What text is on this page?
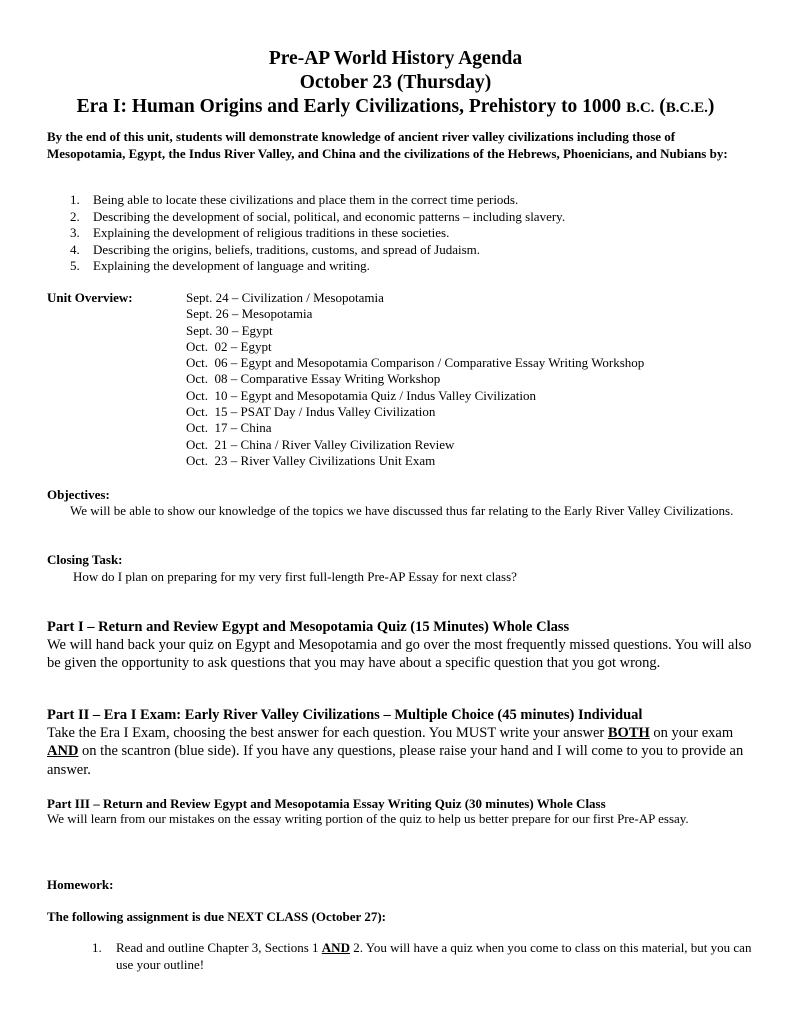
Pre-AP World History Agenda
October 23 (Thursday)
Era I: Human Origins and Early Civilizations, Prehistory to 1000 B.C. (B.C.E.)
By the end of this unit, students will demonstrate knowledge of ancient river valley civilizations including those of Mesopotamia, Egypt, the Indus River Valley, and China and the civilizations of the Hebrews, Phoenicians, and Nubians by:
1.	Being able to locate these civilizations and place them in the correct time periods.
2.	Describing the development of social, political, and economic patterns – including slavery.
3.	Explaining the development of religious traditions in these societies.
4.	Describing the origins, beliefs, traditions, customs, and spread of Judaism.
5.	Explaining the development of language and writing.
Unit Overview:	Sept. 24 – Civilization / Mesopotamia
Sept. 26 – Mesopotamia
Sept. 30 – Egypt
Oct.  02 – Egypt
Oct.  06 – Egypt and Mesopotamia Comparison / Comparative Essay Writing Workshop
Oct.  08 – Comparative Essay Writing Workshop
Oct.  10 – Egypt and Mesopotamia Quiz / Indus Valley Civilization
Oct.  15 – PSAT Day / Indus Valley Civilization
Oct.  17 – China
Oct.  21 – China / River Valley Civilization Review
Oct.  23 – River Valley Civilizations Unit Exam
Objectives:
We will be able to show our knowledge of the topics we have discussed thus far relating to the Early River Valley Civilizations.
Closing Task:
How do I plan on preparing for my very first full-length Pre-AP Essay for next class?
Part I – Return and Review Egypt and Mesopotamia Quiz (15 Minutes) Whole Class
We will hand back your quiz on Egypt and Mesopotamia and go over the most frequently missed questions. You will also be given the opportunity to ask questions that you may have about a specific question that you got wrong.
Part II – Era I Exam: Early River Valley Civilizations – Multiple Choice (45 minutes) Individual
Take the Era I Exam, choosing the best answer for each question. You MUST write your answer BOTH on your exam AND on the scantron (blue side). If you have any questions, please raise your hand and I will come to you to provide an answer.
Part III – Return and Review Egypt and Mesopotamia Essay Writing Quiz (30 minutes) Whole Class
We will learn from our mistakes on the essay writing portion of the quiz to help us better prepare for our first Pre-AP essay.
Homework:
The following assignment is due NEXT CLASS (October 27):
1.	Read and outline Chapter 3, Sections 1 AND 2. You will have a quiz when you come to class on this material, but you can use your outline!
